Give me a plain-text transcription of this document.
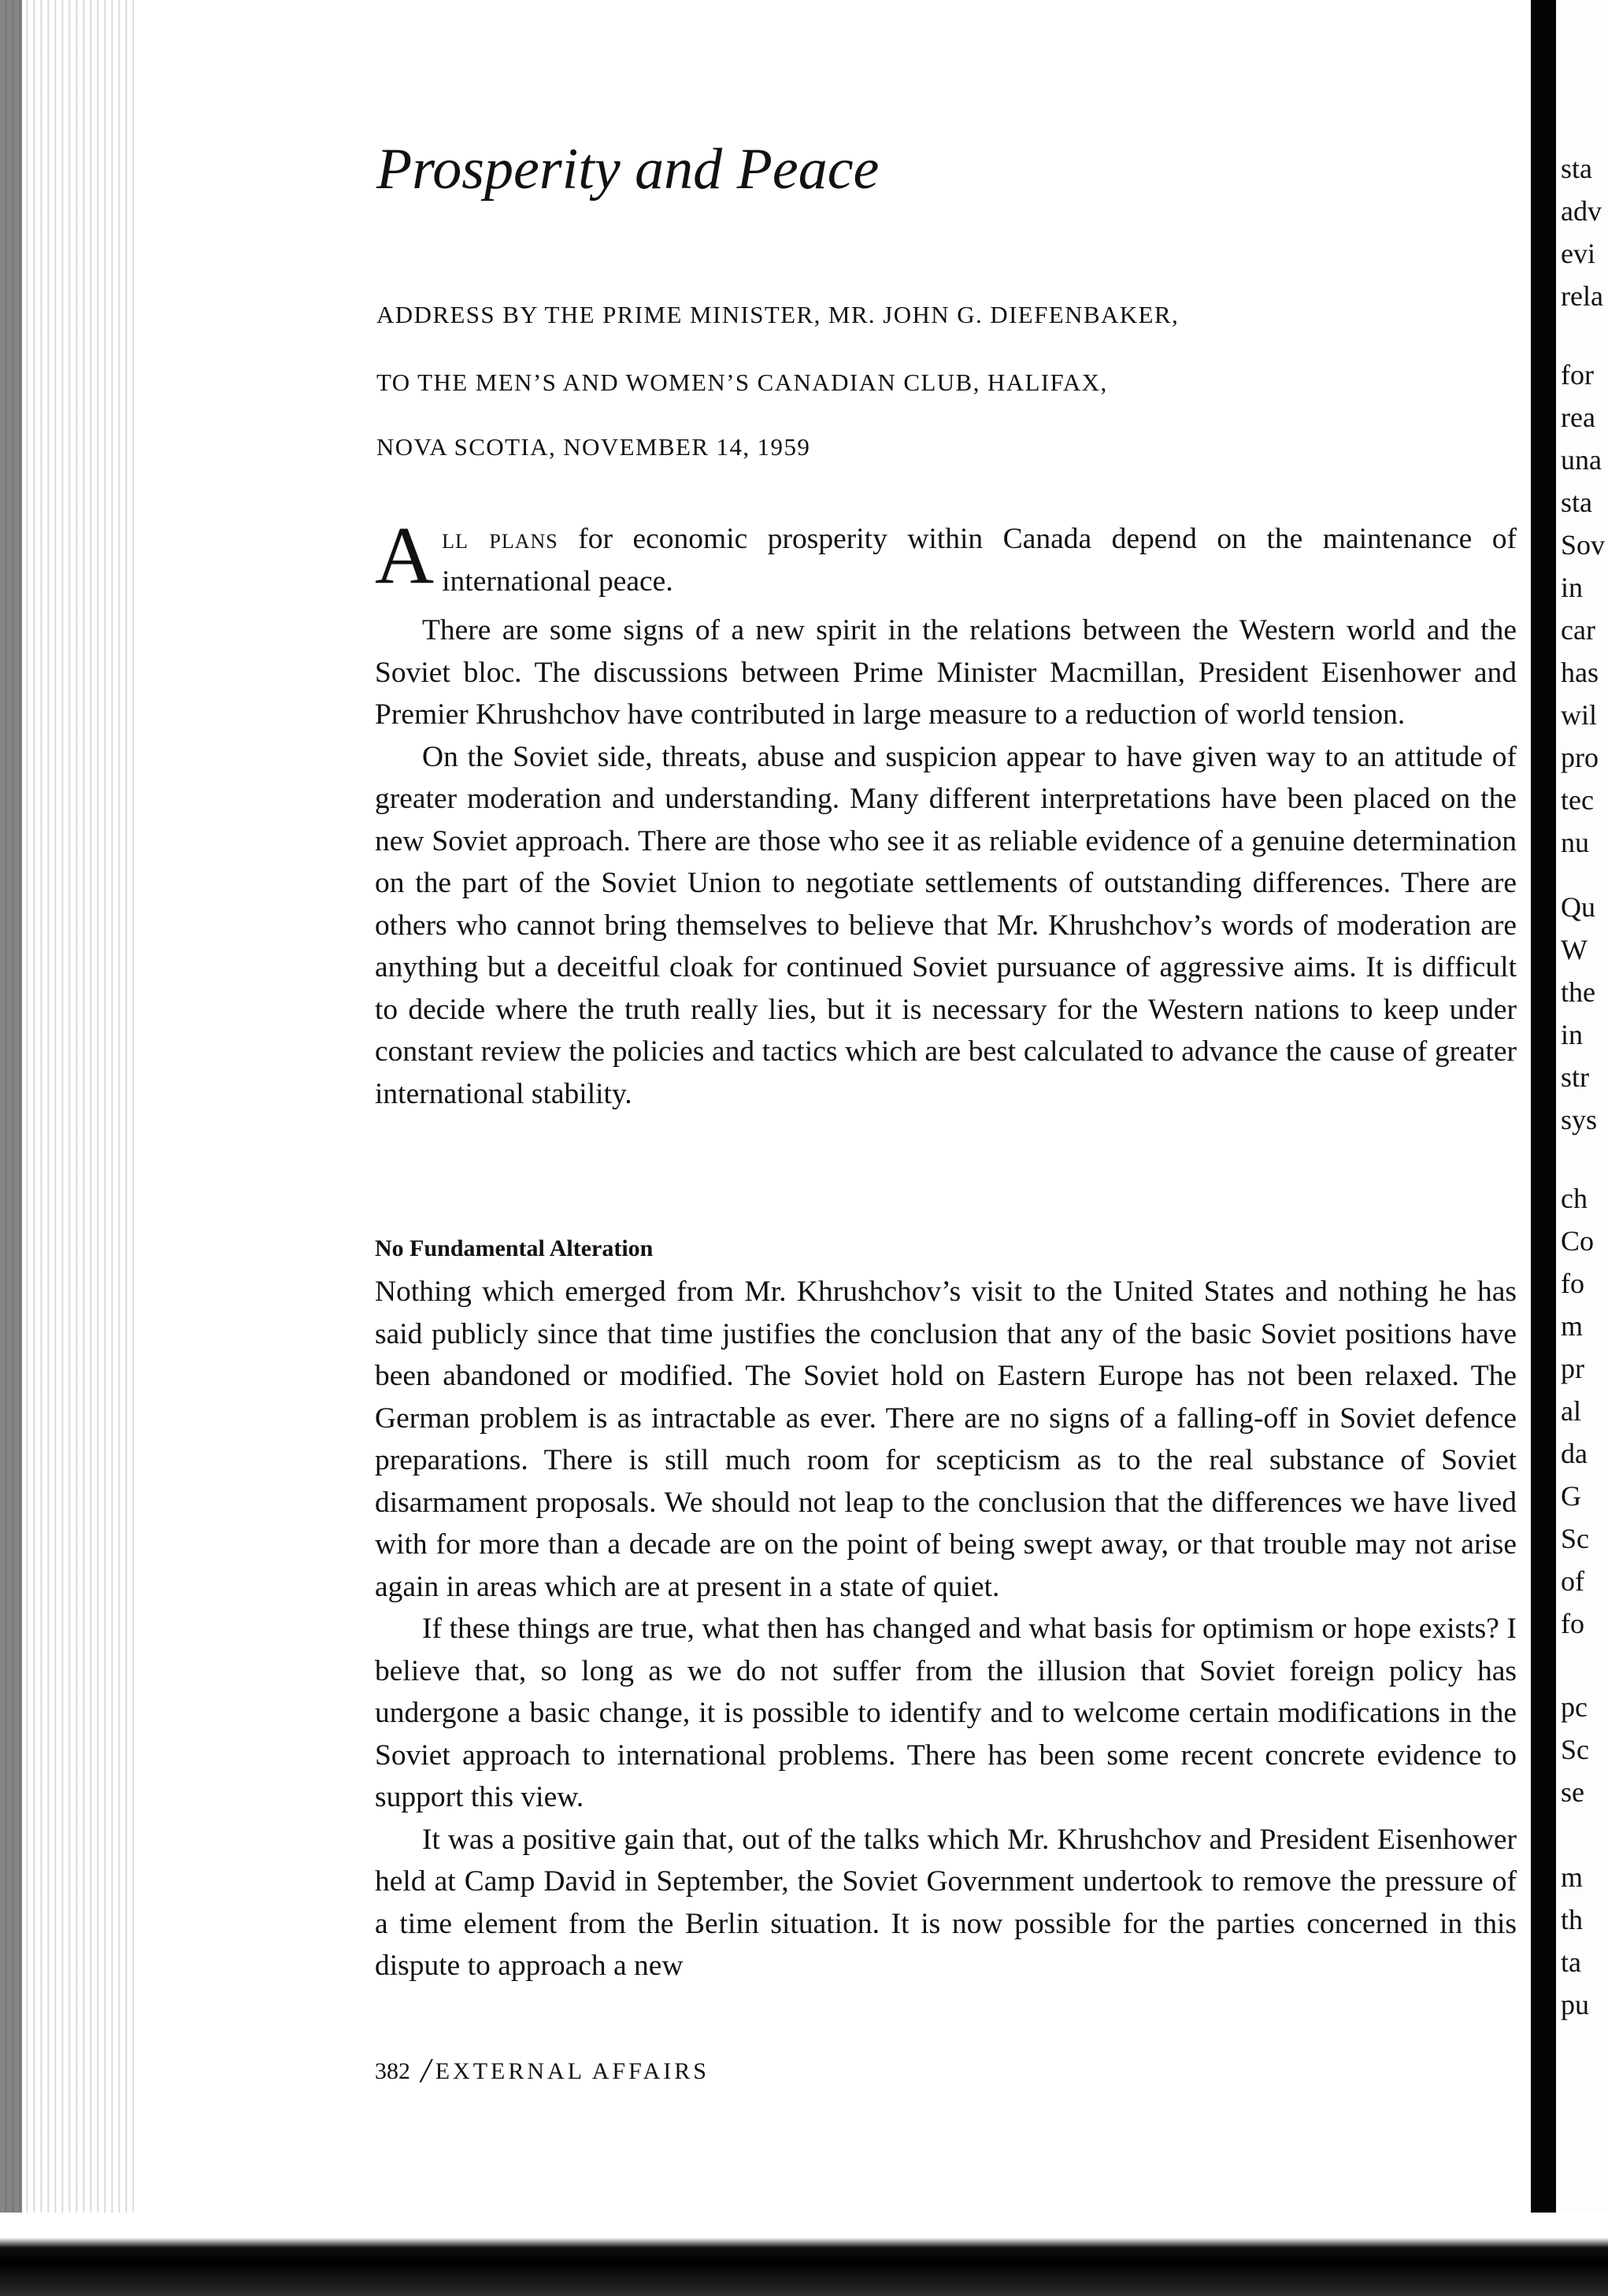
sta
adv
evi
rela
for
rea
una
sta
Sov
in
car
has
wil
pro
tec
nu
Qu
W
the
in
str
sys
ch
Co
fo
m
pr
al
da
G
Sc
of
fo
pc
Sc
se
m
th
ta
pu
Prosperity and Peace
ADDRESS BY THE PRIME MINISTER, MR. JOHN G. DIEFENBAKER,
TO THE MEN’S AND WOMEN’S CANADIAN CLUB, HALIFAX,
NOVA SCOTIA, NOVEMBER 14, 1959
All plans for economic prosperity within Canada depend on the maintenance of international peace.

There are some signs of a new spirit in the relations between the Western world and the Soviet bloc. The discussions between Prime Minister Macmillan, President Eisenhower and Premier Khrushchov have contributed in large measure to a reduction of world tension.

On the Soviet side, threats, abuse and suspicion appear to have given way to an attitude of greater moderation and understanding. Many different interpretations have been placed on the new Soviet approach. There are those who see it as reliable evidence of a genuine determination on the part of the Soviet Union to negotiate settlements of outstanding differences. There are others who cannot bring themselves to believe that Mr. Khrushchov’s words of moderation are anything but a deceitful cloak for continued Soviet pursuance of aggressive aims. It is difficult to decide where the truth really lies, but it is necessary for the Western nations to keep under constant review the policies and tactics which are best calculated to advance the cause of greater international stability.

No Fundamental Alteration

Nothing which emerged from Mr. Khrushchov’s visit to the United States and nothing he has said publicly since that time justifies the conclusion that any of the basic Soviet positions have been abandoned or modified. The Soviet hold on Eastern Europe has not been relaxed. The German problem is as intractable as ever. There are no signs of a falling-off in Soviet defence preparations. There is still much room for scepticism as to the real substance of Soviet disarmament proposals. We should not leap to the conclusion that the differences we have lived with for more than a decade are on the point of being swept away, or that trouble may not arise again in areas which are at present in a state of quiet.

If these things are true, what then has changed and what basis for optimism or hope exists? I believe that, so long as we do not suffer from the illusion that Soviet foreign policy has undergone a basic change, it is possible to identify and to welcome certain modifications in the Soviet approach to international problems. There has been some recent concrete evidence to support this view.

It was a positive gain that, out of the talks which Mr. Khrushchov and President Eisenhower held at Camp David in September, the Soviet Government undertook to remove the pressure of a time element from the Berlin situation. It is now possible for the parties concerned in this dispute to approach a new

382 / EXTERNAL AFFAIRS
